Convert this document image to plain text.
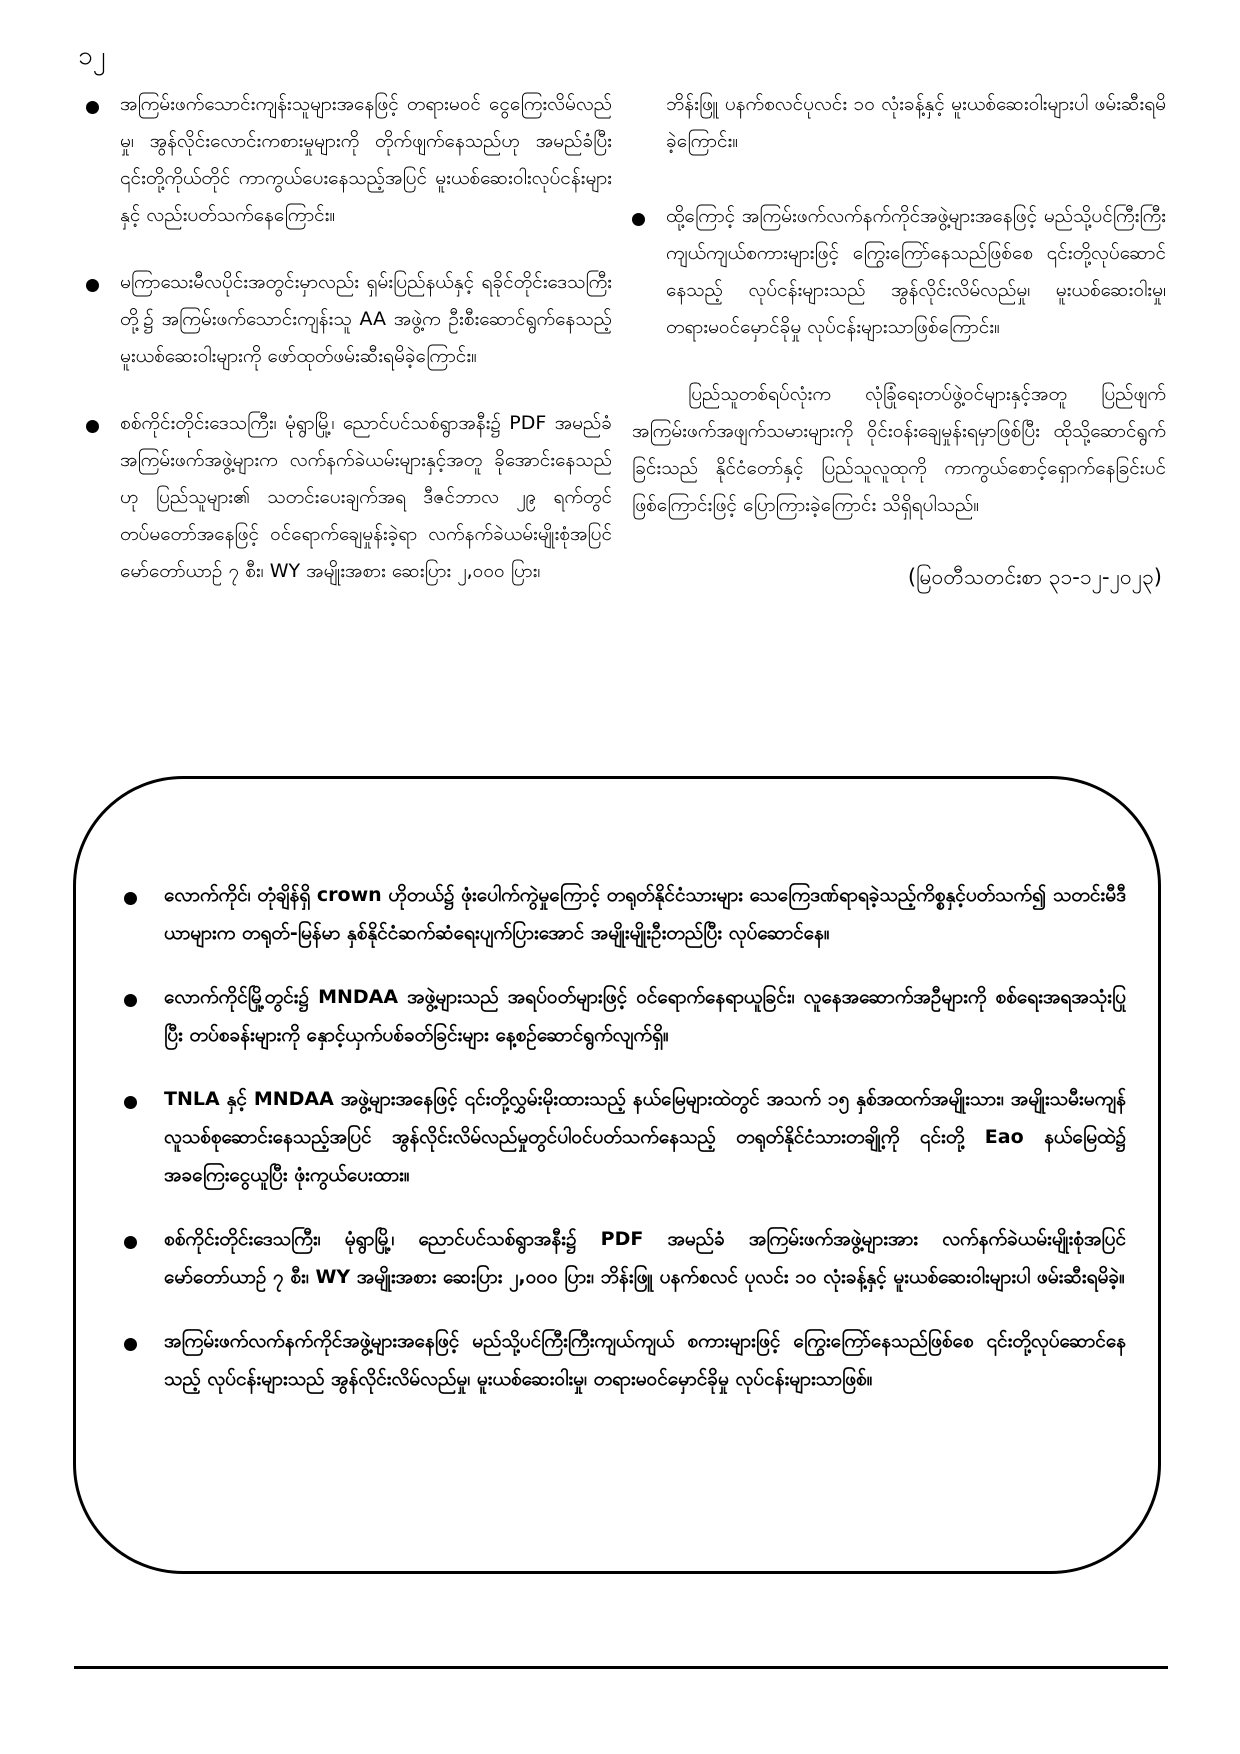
၁၂
အကြမ်းဖက်သောင်းကျန်းသူများအနေဖြင့် တရားမဝင် ငွေကြေးလိမ်လည်မှု၊ အွန်လိုင်းလောင်းကစားမှုများကို တိုက်ဖျက်နေသည်ဟု အမည်ခံပြီး ၎င်းတို့ကိုယ်တိုင် ကာကွယ်ပေးနေသည့်အပြင် မူးယစ်ဆေးဝါးလုပ်ငန်းများနှင့် လည်းပတ်သက်နေကြောင်း။
မကြာသေးမီလပိုင်းအတွင်းမှာလည်း ရှမ်းပြည်နယ်နှင့် ရခိုင်တိုင်းဒေသကြီးတို့၌ အကြမ်းဖက်သောင်းကျန်းသူ AA အဖွဲ့က ဦးစီးဆောင်ရွက်နေသည့် မူးယစ်ဆေးဝါးများကို ဖော်ထုတ်ဖမ်းဆီးရမိခဲ့ကြောင်း။
စစ်ကိုင်းတိုင်းဒေသကြီး၊ မုံရွာမြို့၊ ညောင်ပင်သစ်ရွာအနီး၌ PDF အမည်ခံ အကြမ်းဖက်အဖွဲ့များက လက်နက်ခဲယမ်းများနှင့်အတူ ခိုအောင်းနေသည်ဟု ပြည်သူများ၏ သတင်းပေးချက်အရ ဒီဇင်ဘာလ ၂၉ ရက်တွင် တပ်မတော်အနေဖြင့် ဝင်ရောက်ချေမှုန်းခဲ့ရာ လက်နက်ခဲယမ်းမျိုးစုံအပြင် မော်တော်ယာဉ် ၇ စီး၊ WY အမျိုးအစား ဆေးပြား ၂,၀၀၀ ပြား၊
ဘိန်းဖြူ ပနက်စလင်ပုလင်း ၁၀ လုံးခန့်နှင့် မူးယစ်ဆေးဝါးများပါ ဖမ်းဆီးရမိခဲ့ကြောင်း။
ထို့ကြောင့် အကြမ်းဖက်လက်နက်ကိုင်အဖွဲ့များအနေဖြင့် မည်သို့ပင်ကြီးကြီး ကျယ်ကျယ်စကားများဖြင့် ကြွေးကြော်နေသည်ဖြစ်စေ ၎င်းတို့လုပ်ဆောင်နေသည့် လုပ်ငန်းများသည် အွန်လိုင်းလိမ်လည်မှု၊ မူးယစ်ဆေးဝါးမှု၊ တရားမဝင်မှောင်ခိုမှု လုပ်ငန်းများသာဖြစ်ကြောင်း။
ပြည်သူတစ်ရပ်လုံးက လုံခြုံရေးတပ်ဖွဲ့ဝင်များနှင့်အတူ ပြည်ဖျက်အကြမ်းဖက်အဖျက်သမားများကို ဝိုင်းဝန်းချေမှုန်းရမှာဖြစ်ပြီး ထိုသို့ဆောင်ရွက်ခြင်းသည် နိုင်ငံတော်နှင့် ပြည်သူလူထုကို ကာကွယ်စောင့်ရှောက်နေခြင်းပင်ဖြစ်ကြောင်းဖြင့် ပြောကြားခဲ့ကြောင်း သိရှိရပါသည်။
(မြဝတီသတင်းစာ ၃၁-၁၂-၂၀၂၃)
လောက်ကိုင်၊ တုံချိန်ရှိ crown ဟိုတယ်၌ ဖုံးပေါက်ကွဲမှုကြောင့် တရုတ်နိုင်ငံသားများ သေကြေဒဏ်ရာရခဲ့သည့်ကိစ္စနှင့်ပတ်သက်၍ သတင်းမီဒီယာများက တရုတ်-မြန်မာ နှစ်နိုင်ငံဆက်ဆံရေးပျက်ပြားအောင် အမျိုးမျိုးဦးတည်ပြီး လုပ်ဆောင်နေ။
လောက်ကိုင်မြို့တွင်း၌ MNDAA အဖွဲ့များသည် အရပ်ဝတ်များဖြင့် ဝင်ရောက်နေရာယူခြင်း၊ လူနေအဆောက်အဦများကို စစ်ရေးအရအသုံးပြုပြီး တပ်စခန်းများကို နှောင့်ယှက်ပစ်ခတ်ခြင်းများ နေ့စဉ်ဆောင်ရွက်လျက်ရှိ။
TNLA နှင့် MNDAA အဖွဲ့များအနေဖြင့် ၎င်းတို့လွှမ်းမိုးထားသည့် နယ်မြေများထဲတွင် အသက် ၁၅ နှစ်အထက်အမျိုးသား၊ အမျိုးသမီးမကျန် လူသစ်စုဆောင်းနေသည့်အပြင် အွန်လိုင်းလိမ်လည်မှုတွင်ပါဝင်ပတ်သက်နေသည့် တရုတ်နိုင်ငံသားတချို့ကို ၎င်းတို့ Eao နယ်မြေထဲ၌ အခကြေးငွေယူပြီး ဖုံးကွယ်ပေးထား။
စစ်ကိုင်းတိုင်းဒေသကြီး၊ မုံရွာမြို့၊ ညောင်ပင်သစ်ရွာအနီး၌ PDF အမည်ခံ အကြမ်းဖက်အဖွဲ့များအား လက်နက်ခဲယမ်းမျိုးစုံအပြင် မော်တော်ယာဉ် ၇ စီး၊ WY အမျိုးအစား ဆေးပြား ၂,၀၀၀ ပြား၊ ဘိန်းဖြူ ပနက်စလင် ပုလင်း ၁၀ လုံးခန့်နှင့် မူးယစ်ဆေးဝါးများပါ ဖမ်းဆီးရမိခဲ့။
အကြမ်းဖက်လက်နက်ကိုင်အဖွဲ့များအနေဖြင့် မည်သို့ပင်ကြီးကြီးကျယ်ကျယ် စကားများဖြင့် ကြွေးကြော်နေသည်ဖြစ်စေ ၎င်းတို့လုပ်ဆောင်နေသည့် လုပ်ငန်းများသည် အွန်လိုင်းလိမ်လည်မှု၊ မူးယစ်ဆေးဝါးမှု၊ တရားမဝင်မှောင်ခိုမှု လုပ်ငန်းများသာဖြစ်။
